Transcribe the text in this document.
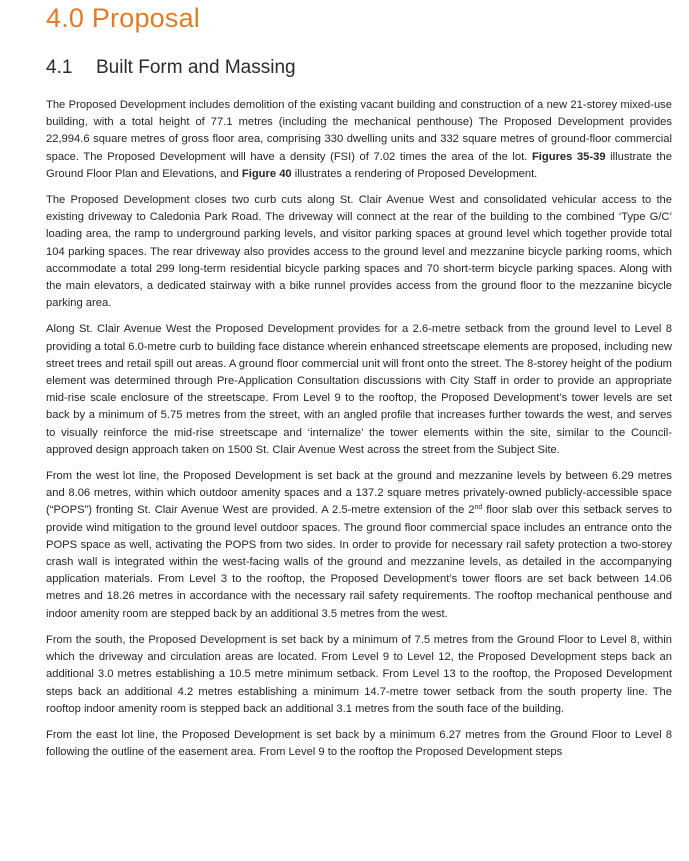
4.0 Proposal
4.1 Built Form and Massing

The Proposed Development includes demolition of the existing vacant building and construction of a new 21-storey mixed-use building, with a total height of 77.1 metres (including the mechanical penthouse) The Proposed Development provides 22,994.6 square metres of gross floor area, comprising 330 dwelling units and 332 square metres of ground-floor commercial space. The Proposed Development will have a density (FSI) of 7.02 times the area of the lot. Figures 35-39 illustrate the Ground Floor Plan and Elevations, and Figure 40 illustrates a rendering of Proposed Development.

The Proposed Development closes two curb cuts along St. Clair Avenue West and consolidated vehicular access to the existing driveway to Caledonia Park Road. The driveway will connect at the rear of the building to the combined ‘Type G/C’ loading area, the ramp to underground parking levels, and visitor parking spaces at ground level which together provide total 104 parking spaces. The rear driveway also provides access to the ground level and mezzanine bicycle parking rooms, which accommodate a total 299 long-term residential bicycle parking spaces and 70 short-term bicycle parking spaces. Along with the main elevators, a dedicated stairway with a bike runnel provides access from the ground floor to the mezzanine bicycle parking area.

Along St. Clair Avenue West the Proposed Development provides for a 2.6-metre setback from the ground level to Level 8 providing a total 6.0-metre curb to building face distance wherein enhanced streetscape elements are proposed, including new street trees and retail spill out areas. A ground floor commercial unit will front onto the street. The 8-storey height of the podium element was determined through Pre-Application Consultation discussions with City Staff in order to provide an appropriate mid-rise scale enclosure of the streetscape. From Level 9 to the rooftop, the Proposed Development’s tower levels are set back by a minimum of 5.75 metres from the street, with an angled profile that increases further towards the west, and serves to visually reinforce the mid-rise streetscape and ‘internalize’ the tower elements within the site, similar to the Council-approved design approach taken on 1500 St. Clair Avenue West across the street from the Subject Site.

From the west lot line, the Proposed Development is set back at the ground and mezzanine levels by between 6.29 metres and 8.06 metres, within which outdoor amenity spaces and a 137.2 square metres privately-owned publicly-accessible space (“POPS”) fronting St. Clair Avenue West are provided. A 2.5-metre extension of the 2nd floor slab over this setback serves to provide wind mitigation to the ground level outdoor spaces. The ground floor commercial space includes an entrance onto the POPS space as well, activating the POPS from two sides. In order to provide for necessary rail safety protection a two-storey crash wall is integrated within the west-facing walls of the ground and mezzanine levels, as detailed in the accompanying application materials. From Level 3 to the rooftop, the Proposed Development’s tower floors are set back between 14.06 metres and 18.26 metres in accordance with the necessary rail safety requirements. The rooftop mechanical penthouse and indoor amenity room are stepped back by an additional 3.5 metres from the west.

From the south, the Proposed Development is set back by a minimum of 7.5 metres from the Ground Floor to Level 8, within which the driveway and circulation areas are located. From Level 9 to Level 12, the Proposed Development steps back an additional 3.0 metres establishing a 10.5 metre minimum setback. From Level 13 to the rooftop, the Proposed Development steps back an additional 4.2 metres establishing a minimum 14.7-metre tower setback from the south property line. The rooftop indoor amenity room is stepped back an additional 3.1 metres from the south face of the building.

From the east lot line, the Proposed Development is set back by a minimum 6.27 metres from the Ground Floor to Level 8 following the outline of the easement area. From Level 9 to the rooftop the Proposed Development steps
